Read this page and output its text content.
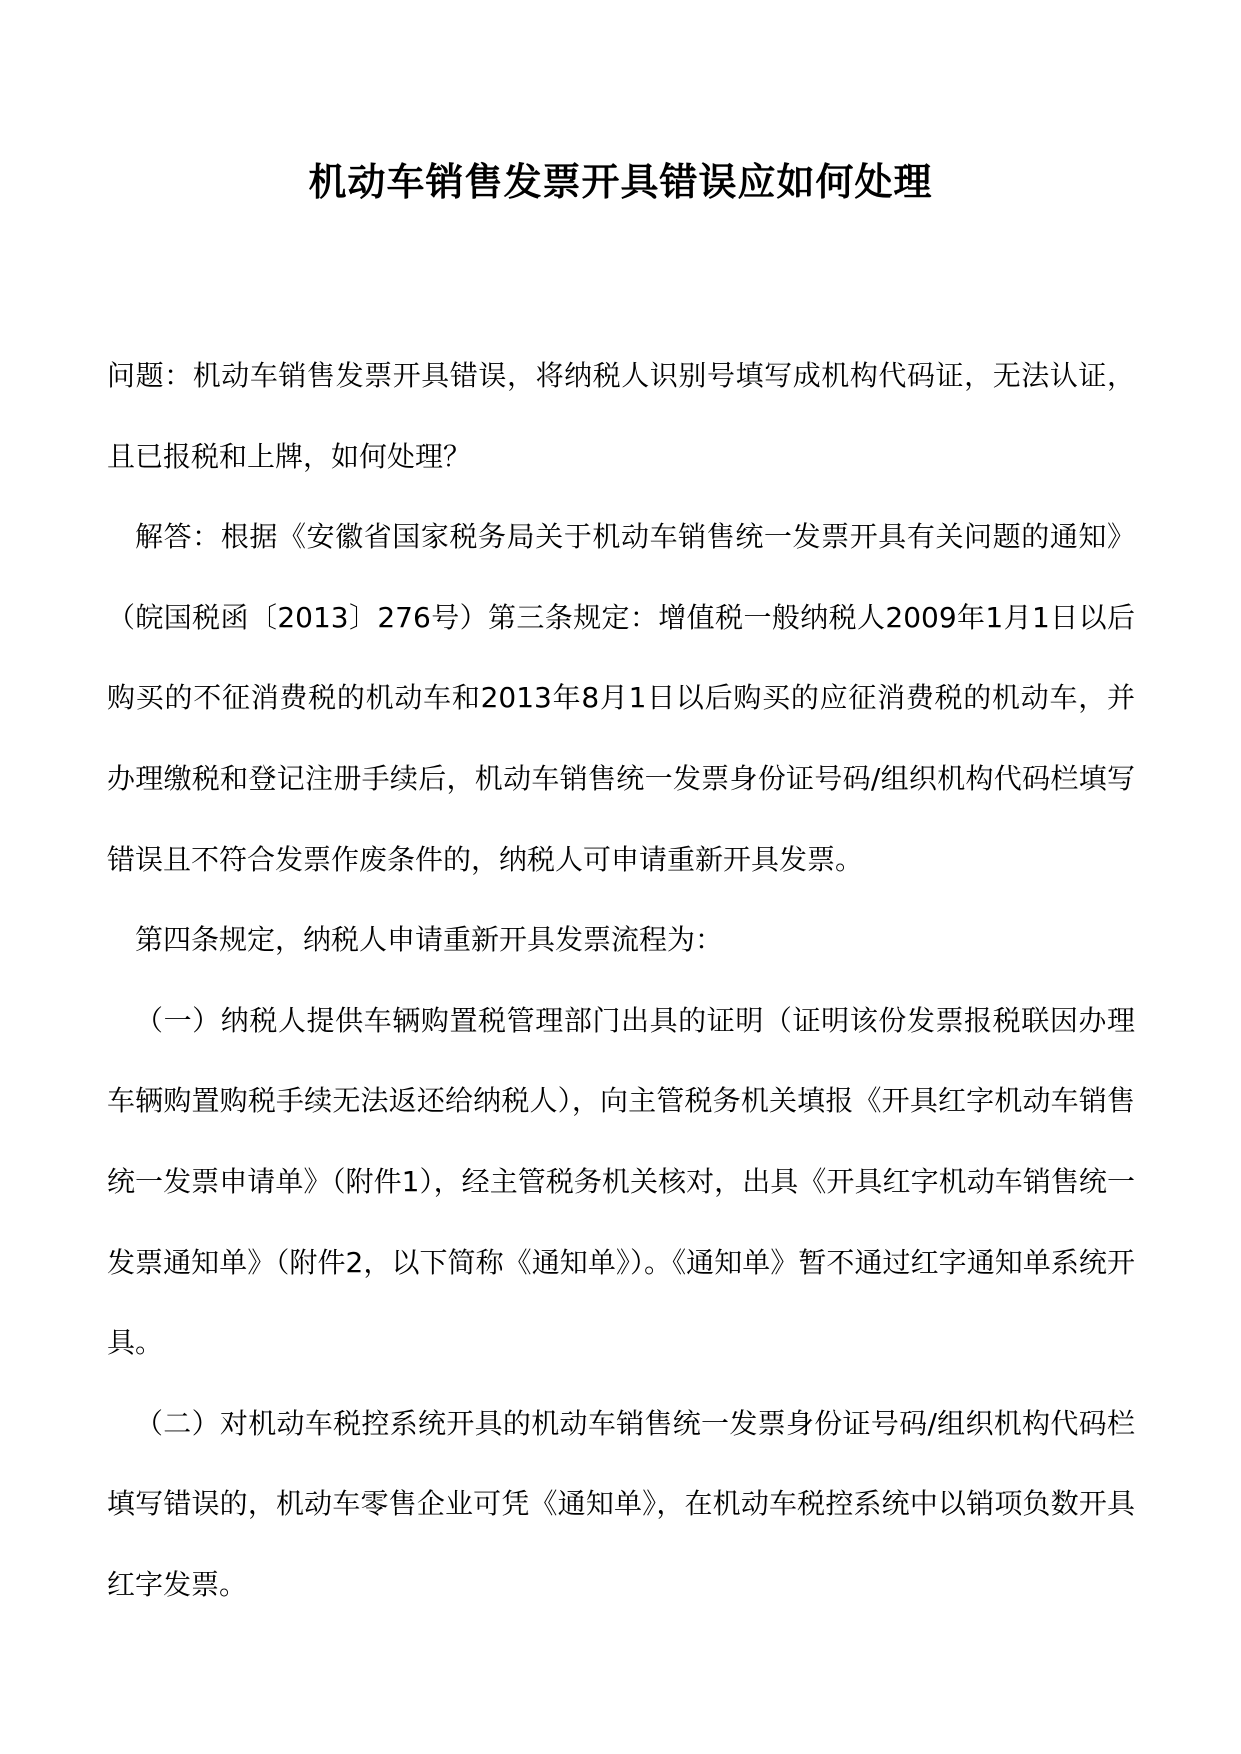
机动车销售发票开具错误应如何处理

问题：机动车销售发票开具错误，将纳税人识别号填写成机构代码证，无法认证，且已报税和上牌，如何处理？

解答：根据《安徽省国家税务局关于机动车销售统一发票开具有关问题的通知》（皖国税函〔2013〕276号）第三条规定：增值税一般纳税人2009年1月1日以后购买的不征消费税的机动车和2013年8月1日以后购买的应征消费税的机动车，并办理缴税和登记注册手续后，机动车销售统一发票身份证号码/组织机构代码栏填写错误且不符合发票作废条件的，纳税人可申请重新开具发票。

第四条规定，纳税人申请重新开具发票流程为：

（一）纳税人提供车辆购置税管理部门出具的证明（证明该份发票报税联因办理车辆购置购税手续无法返还给纳税人），向主管税务机关填报《开具红字机动车销售统一发票申请单》（附件1），经主管税务机关核对，出具《开具红字机动车销售统一发票通知单》（附件2，以下简称《通知单》）。《通知单》暂不通过红字通知单系统开具。

（二）对机动车税控系统开具的机动车销售统一发票身份证号码/组织机构代码栏填写错误的，机动车零售企业可凭《通知单》，在机动车税控系统中以销项负数开具红字发票。
